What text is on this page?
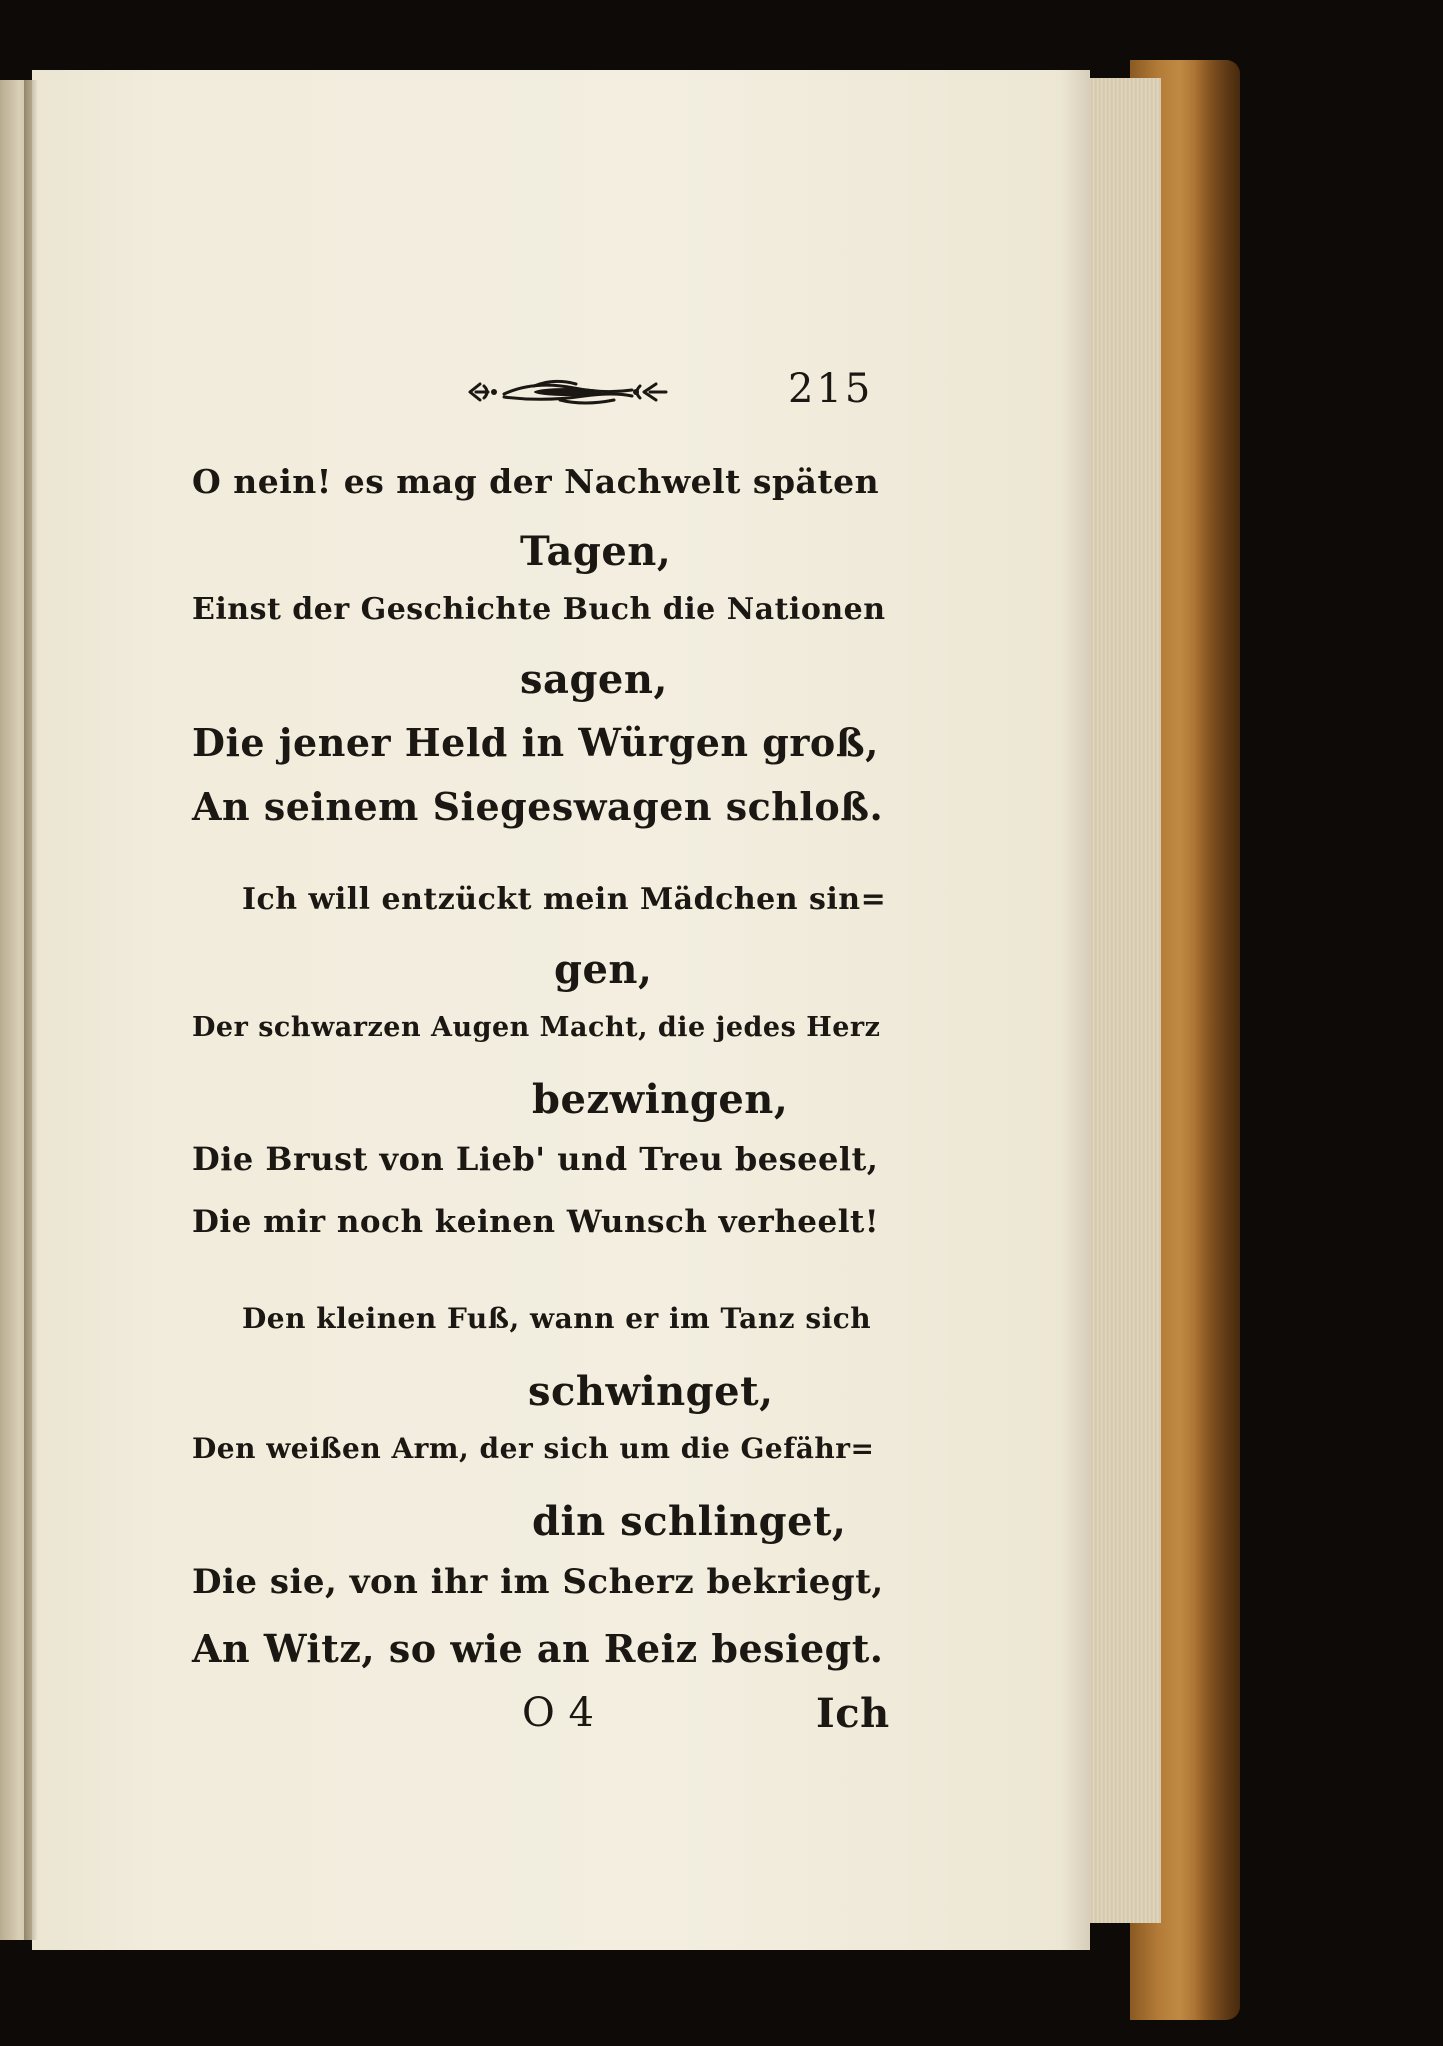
215
O nein! es mag der Nachwelt späten
Tagen,
Einst der Geschichte Buch die Nationen
sagen,
Die jener Held in Würgen groß,
An seinem Siegeswagen schloß.
Ich will entzückt mein Mädchen sin=
gen,
Der schwarzen Augen Macht, die jedes Herz
bezwingen,
Die Brust von Lieb' und Treu beseelt,
Die mir noch keinen Wunsch verheelt!
Den kleinen Fuß, wann er im Tanz sich
schwinget,
Den weißen Arm, der sich um die Gefähr=
din schlinget,
Die sie, von ihr im Scherz bekriegt,
An Witz, so wie an Reiz besiegt.
O 4	Ich
